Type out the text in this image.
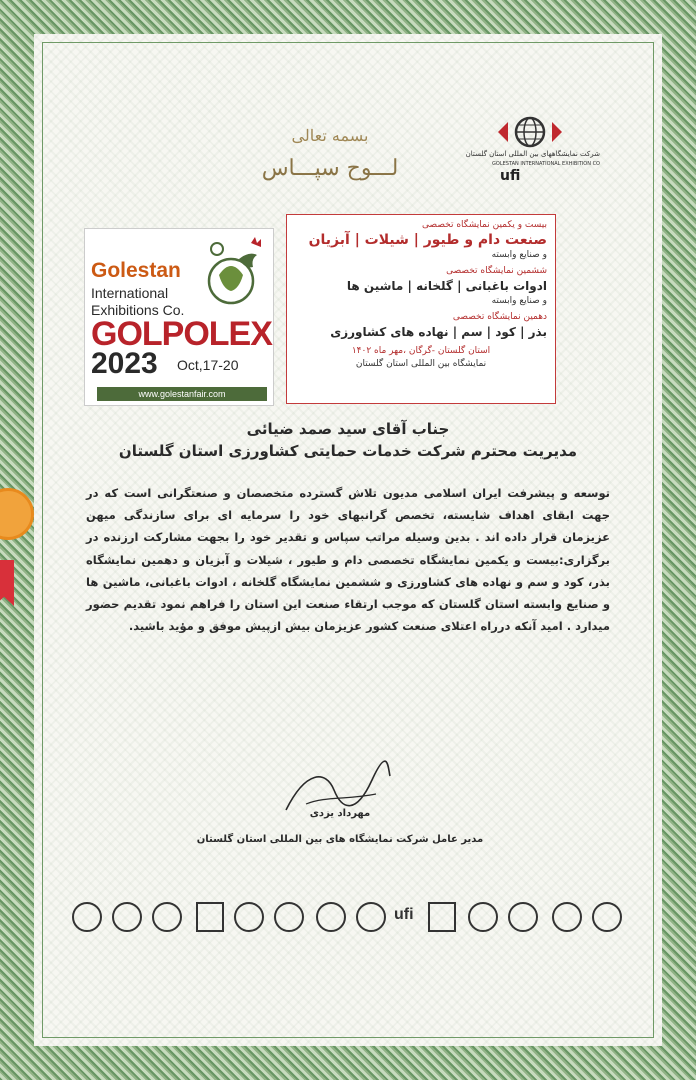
بسمه تعالی
لـــوح سپـــاس
شرکت نمایشگاههای بین المللی استان گلستان
GOLESTAN INTERNATIONAL EXHIBITION CO
ufi
Golestan
International
Exhibitions Co.
GOLPOLEX
2023 Oct,17-20
www.golestanfair.com
بیست و یکمین نمایشگاه تخصصی
صنعت دام و طیور | شیلات | آبزیان
و صنایع وابسته
ششمین نمایشگاه تخصصی
ادوات باغبانی | گلخانه | ماشین ها
و صنایع وابسته
دهمین نمایشگاه تخصصی
بذر | کود | سم | نهاده های کشاورزی
استان گلستان -گرگان ،مهر ماه ۱۴۰۲
نمایشگاه بین المللی استان گلستان
جناب آقای سید صمد ضیائی
مدیریت محترم شرکت خدمات حمایتی کشاورزی استان گلستان
توسعه و پیشرفت ایران اسلامی مدیون تلاش گسترده متخصصان و صنعتگرانی است که در جهت ابقای اهداف شایسته، تخصص گرانبهای خود را سرمایه ای برای سازندگی میهن عزیزمان قرار داده اند . بدین وسیله مراتب سپاس و تقدیر خود را بجهت مشارکت ارزنده در برگزاری:بیست و یکمین نمایشگاه تخصصی دام و طیور ، شیلات و آبزیان و دهمین نمایشگاه بذر، کود و سم و نهاده های کشاورزی و ششمین نمایشگاه گلخانه ، ادوات باغبانی، ماشین ها و صنایع وابسته استان گلستان که موجب ارتقاء صنعت این استان را فراهم نمود تقدیم حضور میدارد . امید آنکه درراه اعتلای صنعت کشور عزیزمان بیش ازپیش موفق و مؤید باشید.
مهرداد یزدی
مدیر عامل شرکت نمایشگاه های بین المللی استان گلستان
ufi
